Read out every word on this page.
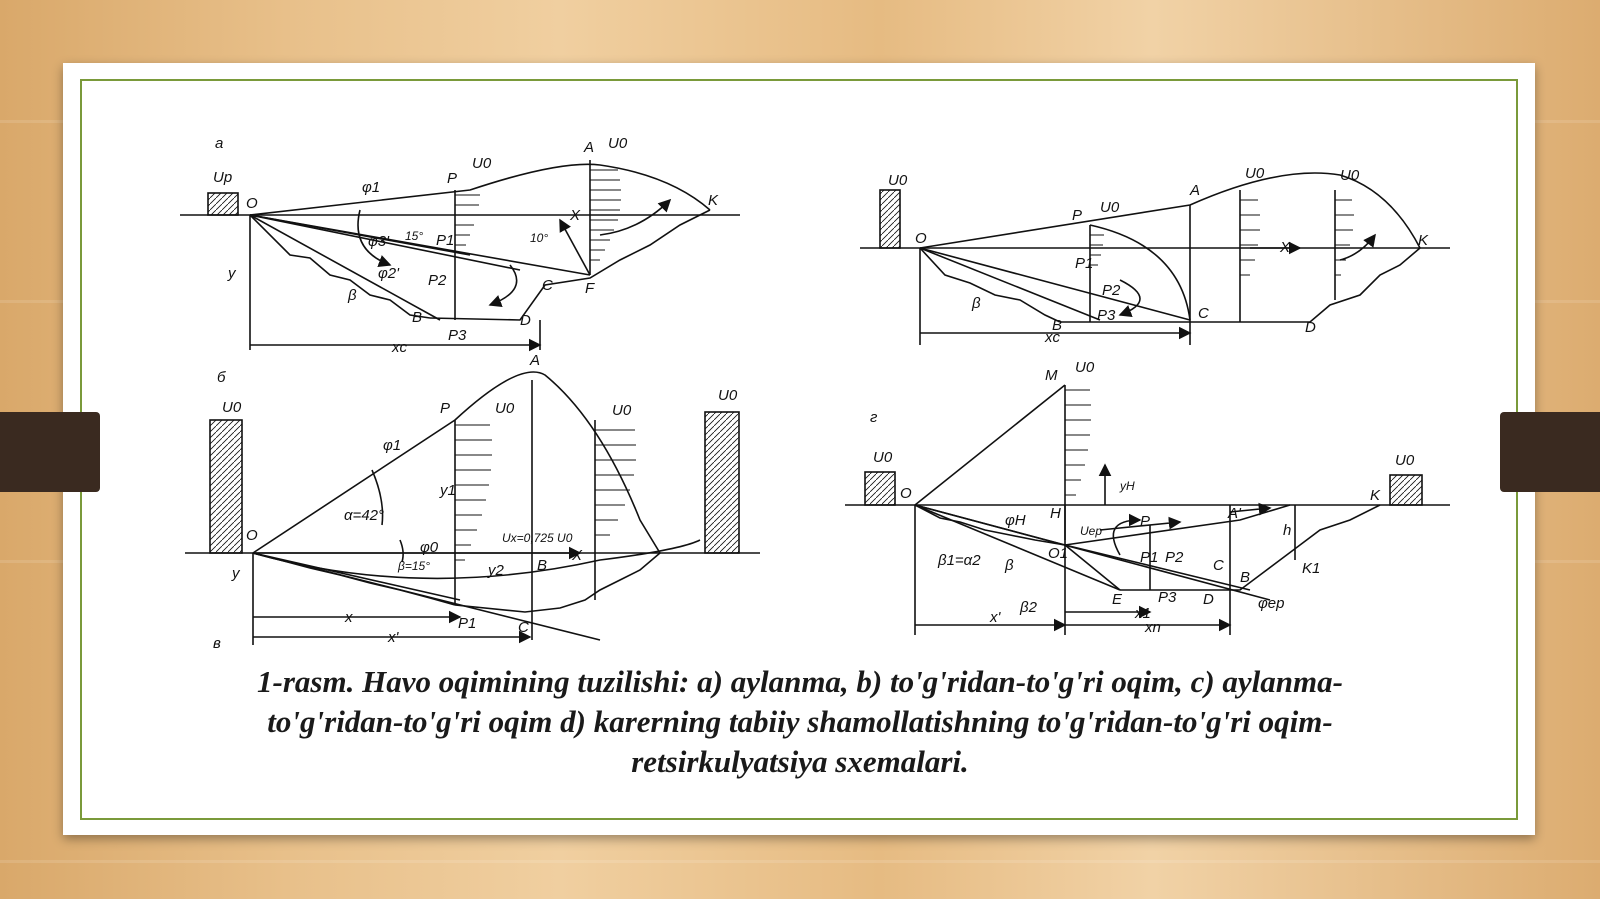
a
Up
O
U0
P
A U0
K
X
y
φ1
φ3' 15°	10°
φ2'
P1
P2
P3
β
B
C F
D
xc
U0
O
P U0
A
U0	U0
K
X
P1
P2
P3
β
B
C
D
xc
б
U0
O
P	U0
A
U0
U0
φ1
α=42°
φ0
β=15°
Ux=0,725 U0
X
y
y1
y2 B
C
P1
x
x'
в
г
M U0
U0	U0
O	K
H	A'
P
yH
φH
Uep	h
O1	P1 P2
P3
C
B
K1
β1=α2 β
β2	E	D	φep
x'	x1
xn
1-rasm. Havo oqimining tuzilishi: a) aylanma, b) to'g'ridan-to'g'ri oqim, c) aylanma-to'g'ridan-to'g'ri oqim d) karerning tabiiy shamollatishning to'g'ridan-to'g'ri oqim-retsirkulyatsiya sxemalari.
